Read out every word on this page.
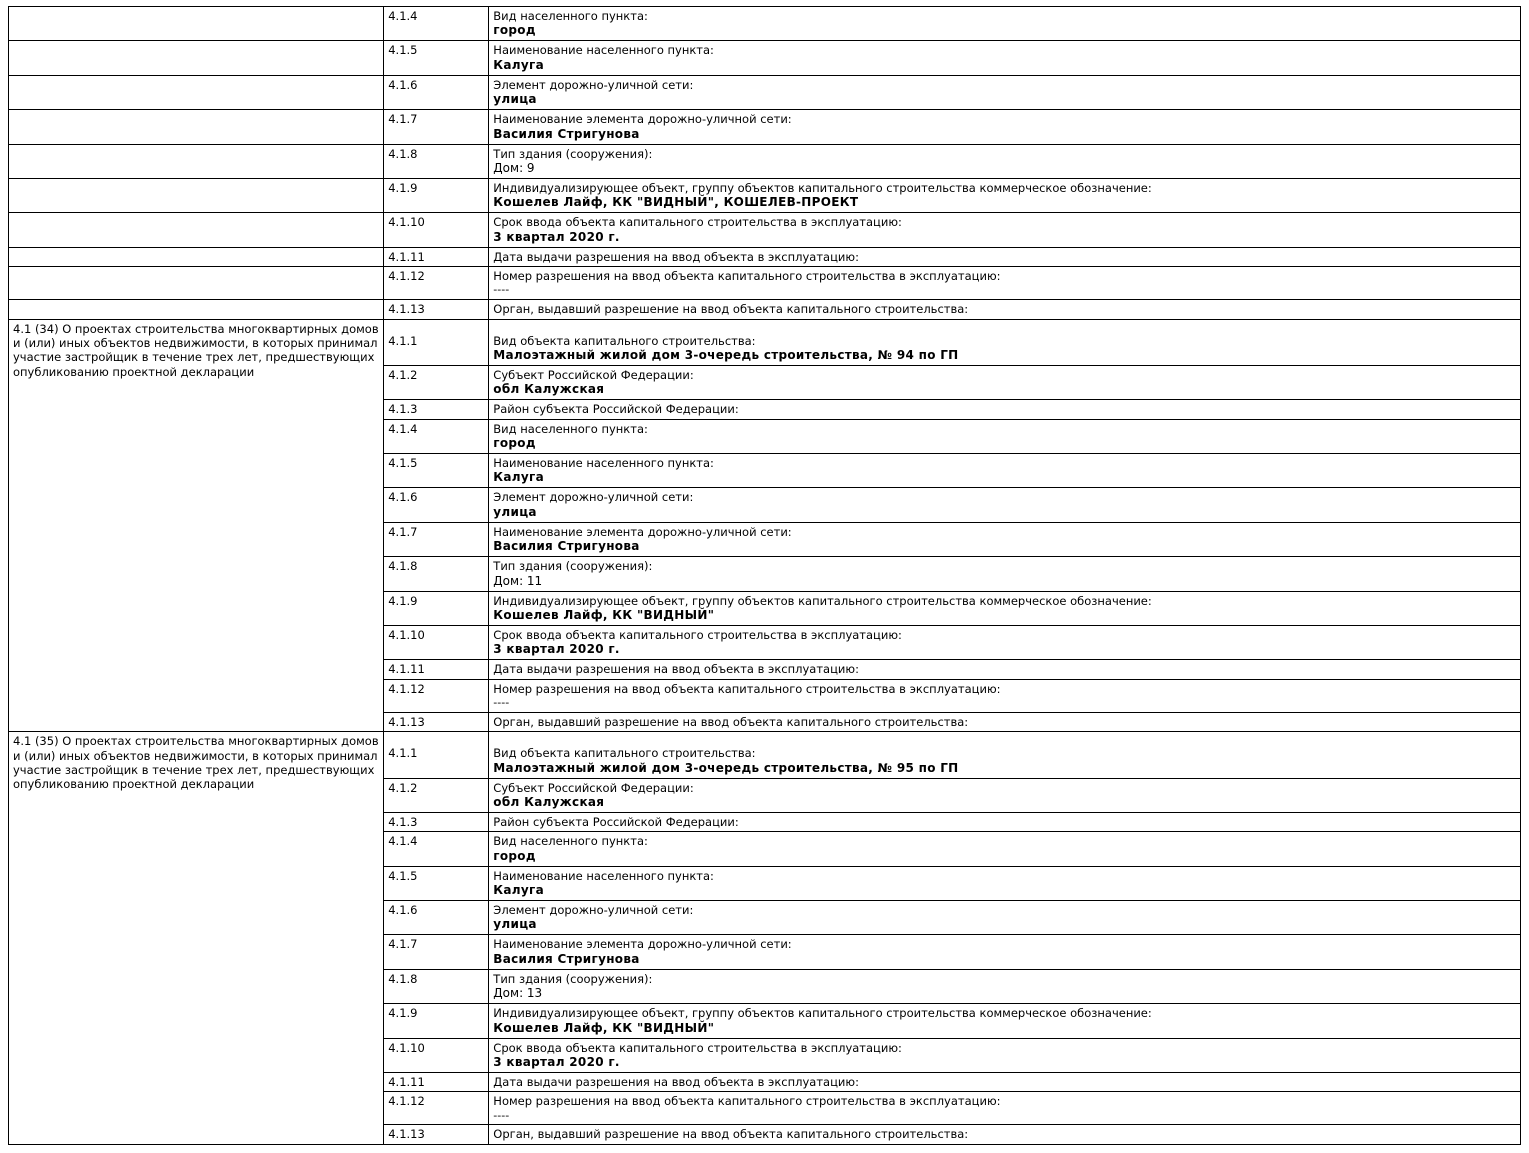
	4.1.4	Вид населенного пункта:
город

	4.1.5	Наименование населенного пункта:
Калуга

	4.1.6	Элемент дорожно-уличной сети:
улица

	4.1.7	Наименование элемента дорожно-уличной сети:
Василия Стригунова

	4.1.8	Тип здания (сооружения):
Дом: 9

	4.1.9	Индивидуализирующее объект, группу объектов капитального строительства коммерческое обозначение:
Кошелев Лайф, КК "ВИДНЫЙ", КОШЕЛЕВ-ПРОЕКТ

	4.1.10	Срок ввода объекта капитального строительства в эксплуатацию:
3 квартал 2020 г.

	4.1.11	Дата выдачи разрешения на ввод объекта в эксплуатацию:

	4.1.12	Номер разрешения на ввод объекта капитального строительства в эксплуатацию:
----

	4.1.13	Орган, выдавший разрешение на ввод объекта капитального строительства:

4.1 (34) О проектах строительства многоквартирных домов и (или) иных объектов недвижимости, в которых принимал участие застройщик в течение трех лет, предшествующих опубликованию проектной декларации	4.1.1	Вид объекта капитального строительства:
Малоэтажный жилой дом 3-очередь строительства, № 94 по ГП

	4.1.2	Субъект Российской Федерации:
обл Калужская

	4.1.3	Район субъекта Российской Федерации:

	4.1.4	Вид населенного пункта:
город

	4.1.5	Наименование населенного пункта:
Калуга

	4.1.6	Элемент дорожно-уличной сети:
улица

	4.1.7	Наименование элемента дорожно-уличной сети:
Василия Стригунова

	4.1.8	Тип здания (сооружения):
Дом: 11

	4.1.9	Индивидуализирующее объект, группу объектов капитального строительства коммерческое обозначение:
Кошелев Лайф, КК "ВИДНЫЙ"

	4.1.10	Срок ввода объекта капитального строительства в эксплуатацию:
3 квартал 2020 г.

	4.1.11	Дата выдачи разрешения на ввод объекта в эксплуатацию:

	4.1.12	Номер разрешения на ввод объекта капитального строительства в эксплуатацию:
----

	4.1.13	Орган, выдавший разрешение на ввод объекта капитального строительства:

4.1 (35) О проектах строительства многоквартирных домов и (или) иных объектов недвижимости, в которых принимал участие застройщик в течение трех лет, предшествующих опубликованию проектной декларации	4.1.1	Вид объекта капитального строительства:
Малоэтажный жилой дом 3-очередь строительства, № 95 по ГП

	4.1.2	Субъект Российской Федерации:
обл Калужская

	4.1.3	Район субъекта Российской Федерации:

	4.1.4	Вид населенного пункта:
город

	4.1.5	Наименование населенного пункта:
Калуга

	4.1.6	Элемент дорожно-уличной сети:
улица

	4.1.7	Наименование элемента дорожно-уличной сети:
Василия Стригунова

	4.1.8	Тип здания (сооружения):
Дом: 13

	4.1.9	Индивидуализирующее объект, группу объектов капитального строительства коммерческое обозначение:
Кошелев Лайф, КК "ВИДНЫЙ"

	4.1.10	Срок ввода объекта капитального строительства в эксплуатацию:
3 квартал 2020 г.

	4.1.11	Дата выдачи разрешения на ввод объекта в эксплуатацию:

	4.1.12	Номер разрешения на ввод объекта капитального строительства в эксплуатацию:
----

	4.1.13	Орган, выдавший разрешение на ввод объекта капитального строительства:
